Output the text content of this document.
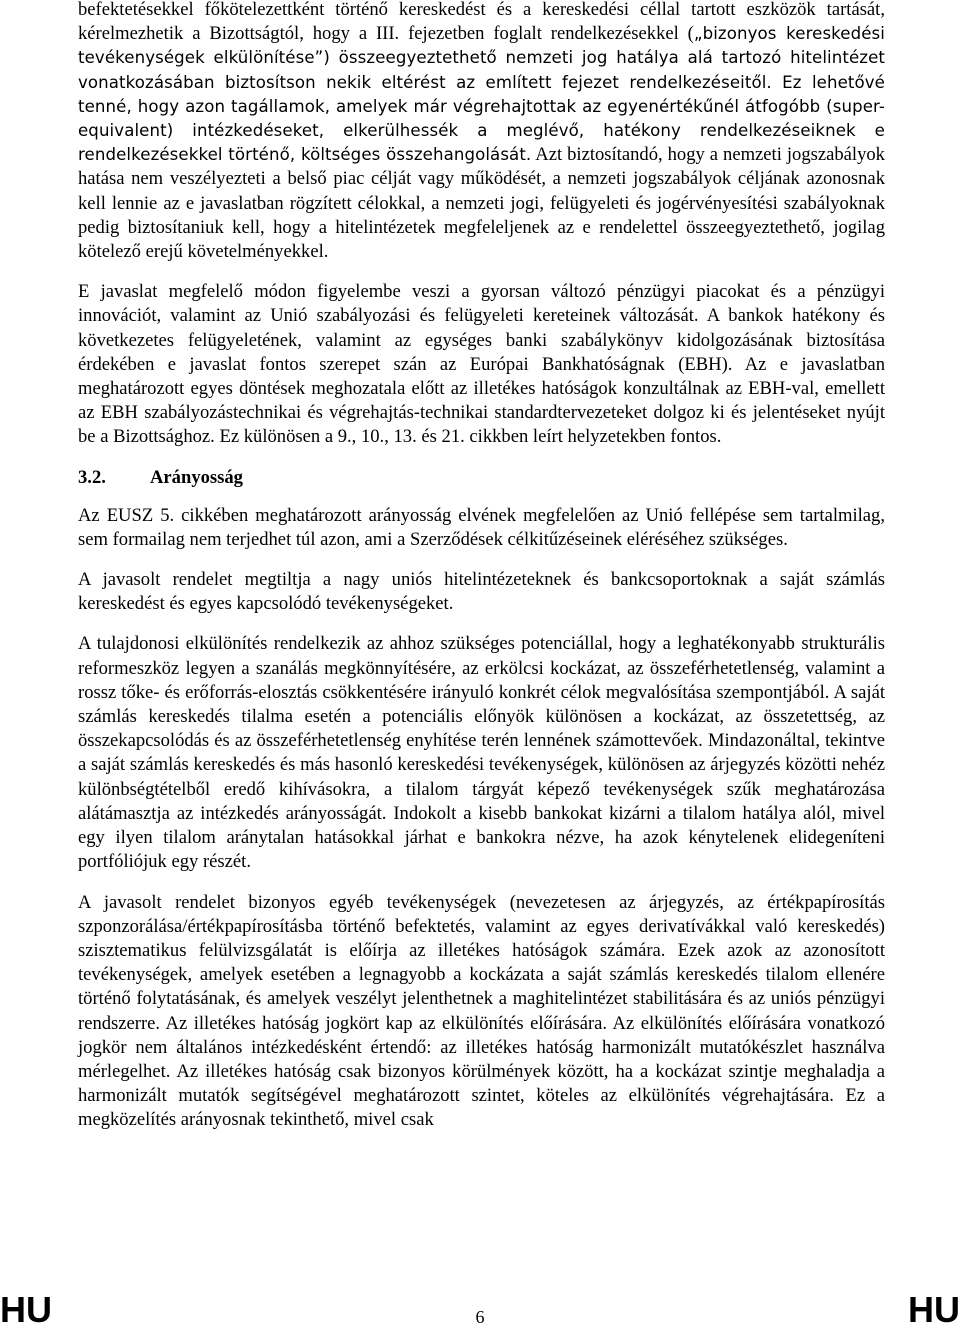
befektetésekkel főkötelezettként történő kereskedést és a kereskedési céllal tartott eszközök tartását, kérelmezhetik a Bizottságtól, hogy a III. fejezetben foglalt rendelkezésekkel („bizonyos kereskedési tevékenységek elkülönítése”) összeegyeztethető nemzeti jog hatálya alá tartozó hitelintézet vonatkozásában biztosítson nekik eltérést az említett fejezet rendelkezéseitől. Ez lehetővé tenné, hogy azon tagállamok, amelyek már végrehajtottak az egyenértékűnél átfogóbb (super-equivalent) intézkedéseket, elkerülhessék a meglévő, hatékony rendelkezéseiknek e rendelkezésekkel történő, költséges összehangolását. Azt biztosítandó, hogy a nemzeti jogszabályok hatása nem veszélyezteti a belső piac célját vagy működését, a nemzeti jogszabályok céljának azonosnak kell lennie az e javaslatban rögzített célokkal, a nemzeti jogi, felügyeleti és jogérvényesítési szabályoknak pedig biztosítaniuk kell, hogy a hitelintézetek megfeleljenek az e rendelettel összeegyeztethető, jogilag kötelező erejű követelményekkel.

E javaslat megfelelő módon figyelembe veszi a gyorsan változó pénzügyi piacokat és a pénzügyi innovációt, valamint az Unió szabályozási és felügyeleti kereteinek változását. A bankok hatékony és következetes felügyeletének, valamint az egységes banki szabálykönyv kidolgozásának biztosítása érdekében e javaslat fontos szerepet szán az Európai Bankhatóságnak (EBH). Az e javaslatban meghatározott egyes döntések meghozatala előtt az illetékes hatóságok konzultálnak az EBH-val, emellett az EBH szabályozástechnikai és végrehajtás-technikai standardtervezeteket dolgoz ki és jelentéseket nyújt be a Bizottsághoz. Ez különösen a 9., 10., 13. és 21. cikkben leírt helyzetekben fontos.

3.2.	Arányosság

Az EUSZ 5. cikkében meghatározott arányosság elvének megfelelően az Unió fellépése sem tartalmilag, sem formailag nem terjedhet túl azon, ami a Szerződések célkitűzéseinek eléréséhez szükséges.

A javasolt rendelet megtiltja a nagy uniós hitelintézeteknek és bankcsoportoknak a saját számlás kereskedést és egyes kapcsolódó tevékenységeket.

A tulajdonosi elkülönítés rendelkezik az ahhoz szükséges potenciállal, hogy a leghatékonyabb strukturális reformeszköz legyen a szanálás megkönnyítésére, az erkölcsi kockázat, az összeférhetetlenség, valamint a rossz tőke- és erőforrás-elosztás csökkentésére irányuló konkrét célok megvalósítása szempontjából. A saját számlás kereskedés tilalma esetén a potenciális előnyök különösen a kockázat, az összetettség, az összekapcsolódás és az összeférhetetlenség enyhítése terén lennének számottevőek. Mindazonáltal, tekintve a saját számlás kereskedés és más hasonló kereskedési tevékenységek, különösen az árjegyzés közötti nehéz különbségtételből eredő kihívásokra, a tilalom tárgyát képező tevékenységek szűk meghatározása alátámasztja az intézkedés arányosságát. Indokolt a kisebb bankokat kizárni a tilalom hatálya alól, mivel egy ilyen tilalom aránytalan hatásokkal járhat e bankokra nézve, ha azok kénytelenek elidegeníteni portfóliójuk egy részét.

A javasolt rendelet bizonyos egyéb tevékenységek (nevezetesen az árjegyzés, az értékpapírosítás szponzorálása/értékpapírosításba történő befektetés, valamint az egyes derivatívákkal való kereskedés) szisztematikus felülvizsgálatát is előírja az illetékes hatóságok számára. Ezek azok az azonosított tevékenységek, amelyek esetében a legnagyobb a kockázata a saját számlás kereskedés tilalom ellenére történő folytatásának, és amelyek veszélyt jelenthetnek a maghitelintézet stabilitására és az uniós pénzügyi rendszerre. Az illetékes hatóság jogkört kap az elkülönítés előírására. Az elkülönítés előírására vonatkozó jogkör nem általános intézkedésként értendő: az illetékes hatóság harmonizált mutatókészlet használva mérlegelhet. Az illetékes hatóság csak bizonyos körülmények között, ha a kockázat szintje meghaladja a harmonizált mutatók segítségével meghatározott szintet, köteles az elkülönítés végrehajtására. Ez a megközelítés arányosnak tekinthető, mivel csak

HU	6	HU
